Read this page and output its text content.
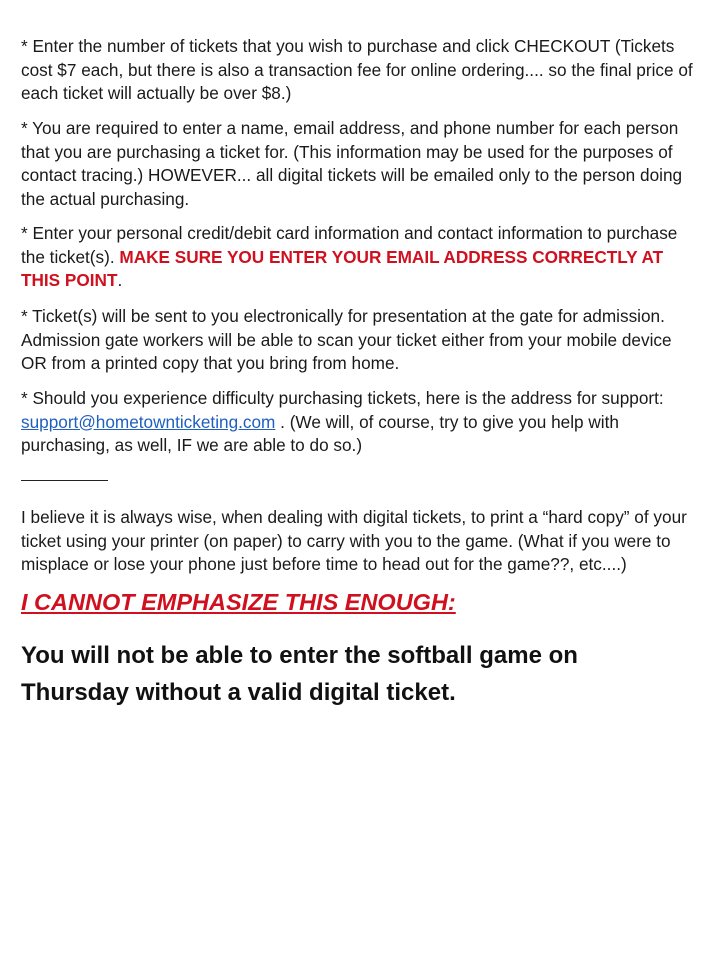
* Enter the number of tickets that you wish to purchase and click CHECKOUT (Tickets
cost $7 each, but there is also a transaction fee for online ordering.... so the final price of
each ticket will actually be over $8.)

* You are required to enter a name, email address, and phone number for each person
that you are purchasing a ticket for. (This information may be used for the purposes of
contact tracing.) HOWEVER... all digital tickets will be emailed only to the person doing
the actual purchasing.

* Enter your personal credit/debit card information and contact information to purchase
the ticket(s). MAKE SURE YOU ENTER YOUR EMAIL ADDRESS CORRECTLY AT
THIS POINT.

* Ticket(s) will be sent to you electronically for presentation at the gate for admission.
Admission gate workers will be able to scan your ticket either from your mobile device
OR from a printed copy that you bring from home.

* Should you experience difficulty purchasing tickets, here is the address for support:
support@hometownticketing.com . (We will, of course, try to give you help with
purchasing, as well, IF we are able to do so.)

I believe it is always wise, when dealing with digital tickets, to print a “hard copy” of your
ticket using your printer (on paper) to carry with you to the game. (What if you were to
misplace or lose your phone just before time to head out for the game??, etc....)

I CANNOT EMPHASIZE THIS ENOUGH:
You will not be able to enter the softball game on
Thursday without a valid digital ticket.
